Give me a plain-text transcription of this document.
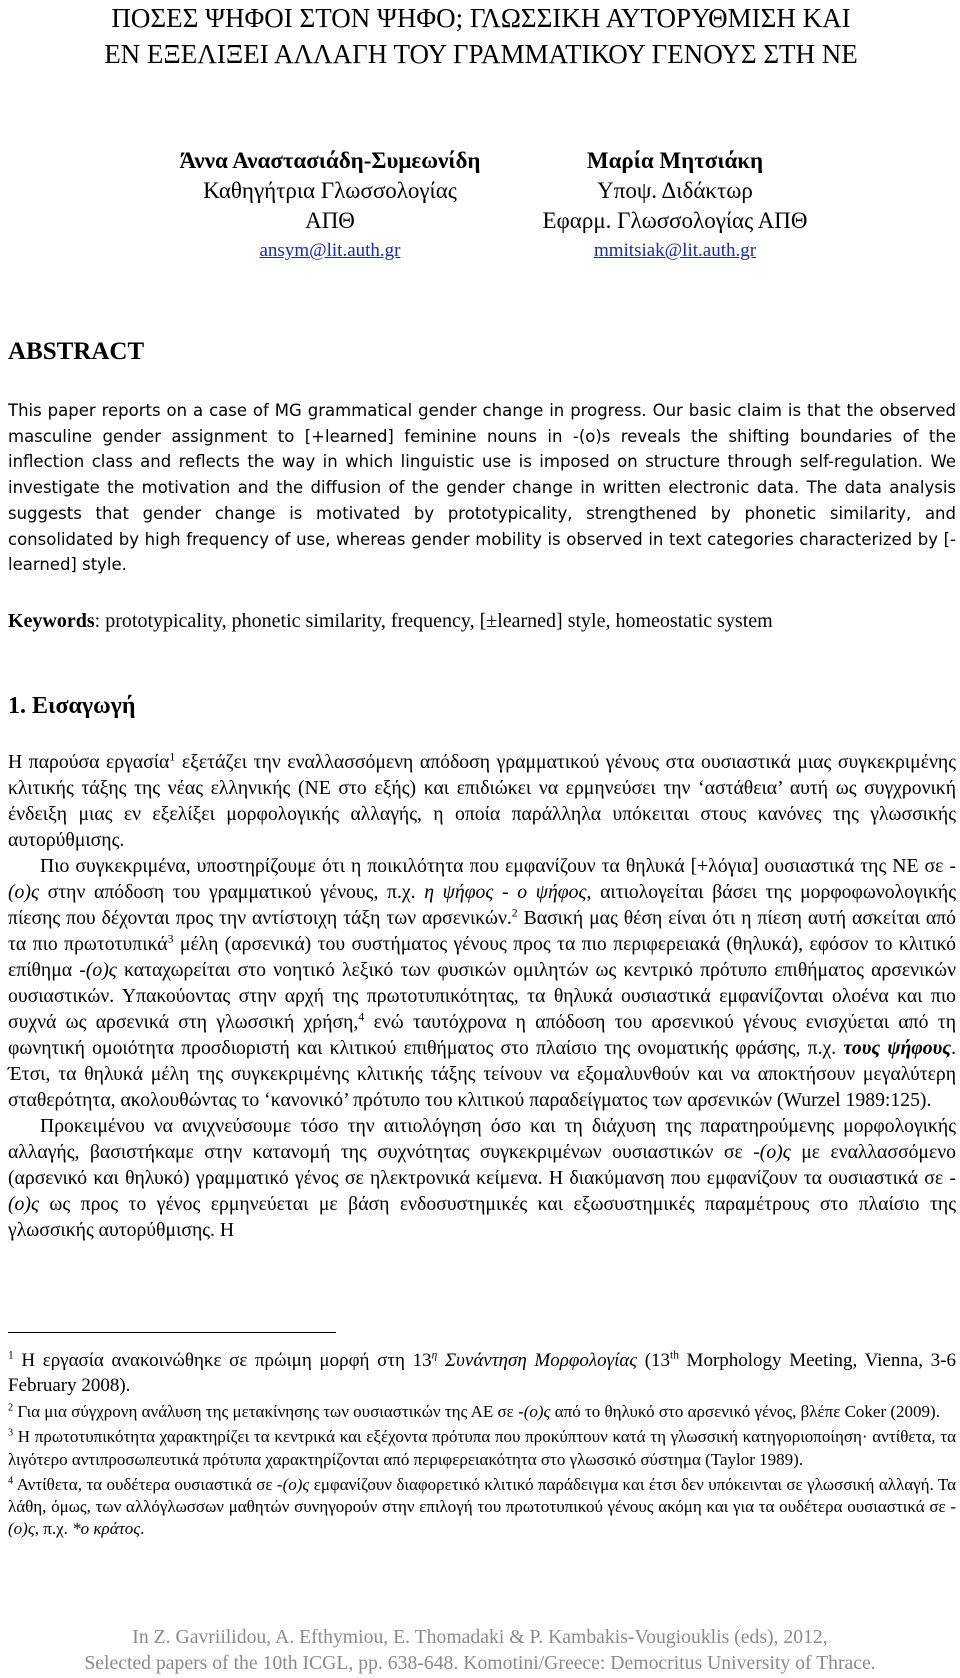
ΠΟΣΕΣ ΨΗΦΟΙ ΣΤΟΝ ΨΗΦΟ; ΓΛΩΣΣΙΚΗ ΑΥΤΟΡΥΘΜΙΣΗ ΚΑΙ
ΕΝ ΕΞΕΛΙΞΕΙ ΑΛΛΑΓΗ ΤΟΥ ΓΡΑΜΜΑΤΙΚΟΥ ΓΕΝΟΥΣ ΣΤΗ ΝΕ
Άννα Αναστασιάδη-Συμεωνίδη
Καθηγήτρια Γλωσσολογίας
ΑΠΘ
ansym@lit.auth.gr
Μαρία Μητσιάκη
Υποψ. Διδάκτωρ
Εφαρμ. Γλωσσολογίας ΑΠΘ
mmitsiak@lit.auth.gr
ABSTRACT
This paper reports on a case of MG grammatical gender change in progress. Our basic claim is that the observed masculine gender assignment to [+learned] feminine nouns in -(o)s reveals the shifting boundaries of the inflection class and reflects the way in which linguistic use is imposed on structure through self-regulation. We investigate the motivation and the diffusion of the gender change in written electronic data. The data analysis suggests that gender change is motivated by prototypicality, strengthened by phonetic similarity, and consolidated by high frequency of use, whereas gender mobility is observed in text categories characterized by [-learned] style.
Keywords: prototypicality, phonetic similarity, frequency, [±learned] style, homeostatic system
1. Εισαγωγή

Η παρούσα εργασία$^1$ εξετάζει την εναλλασσόμενη απόδοση γραμματικού γένους στα ουσιαστικά μιας συγκεκριμένης κλιτικής τάξης της νέας ελληνικής (ΝΕ στο εξής) και επιδιώκει να ερμηνεύσει την ‘αστάθεια’ αυτή ως συγχρονική ένδειξη μιας εν εξελίξει μορφολογικής αλλαγής, η οποία παράλληλα υπόκειται στους κανόνες της γλωσσικής αυτορύθμισης.

Πιο συγκεκριμένα, υποστηρίζουμε ότι η ποικιλότητα που εμφανίζουν τα θηλυκά [+λόγια] ουσιαστικά της ΝΕ σε -(ο)ς στην απόδοση του γραμματικού γένους, π.χ. η ψήφος - ο ψήφος, αιτιολογείται βάσει της μορφοφωνολογικής πίεσης που δέχονται προς την αντίστοιχη τάξη των αρσενικών.$^2$ Βασική μας θέση είναι ότι η πίεση αυτή ασκείται από τα πιο πρωτοτυπικά$^3$ μέλη (αρσενικά) του συστήματος γένους προς τα πιο περιφερειακά (θηλυκά), εφόσον το κλιτικό επίθημα -(ο)ς καταχωρείται στο νοητικό λεξικό των φυσικών ομιλητών ως κεντρικό πρότυπο επιθήματος αρσενικών ουσιαστικών. Υπακούοντας στην αρχή της πρωτοτυπικότητας, τα θηλυκά ουσιαστικά εμφανίζονται ολοένα και πιο συχνά ως αρσενικά στη γλωσσική χρήση,$^4$ ενώ ταυτόχρονα η απόδοση του αρσενικού γένους ενισχύεται από τη φωνητική ομοιότητα προσδιοριστή και κλιτικού επιθήματος στο πλαίσιο της ονοματικής φράσης, π.χ. τους ψήφους. Έτσι, τα θηλυκά μέλη της συγκεκριμένης κλιτικής τάξης τείνουν να εξομαλυνθούν και να αποκτήσουν μεγαλύτερη σταθερότητα, ακολουθώντας το ‘κανονικό’ πρότυπο του κλιτικού παραδείγματος των αρσενικών (Wurzel 1989:125).

Προκειμένου να ανιχνεύσουμε τόσο την αιτιολόγηση όσο και τη διάχυση της παρατηρούμενης μορφολογικής αλλαγής, βασιστήκαμε στην κατανομή της συχνότητας συγκεκριμένων ουσιαστικών σε -(ο)ς με εναλλασσόμενο (αρσενικό και θηλυκό) γραμματικό γένος σε ηλεκτρονικά κείμενα. Η διακύμανση που εμφανίζουν τα ουσιαστικά σε -(ο)ς ως προς το γένος ερμηνεύεται με βάση ενδοσυστημικές και εξωσυστημικές παραμέτρους στο πλαίσιο της γλωσσικής αυτορύθμισης. Η

$^1$ Η εργασία ανακοινώθηκε σε πρώιμη μορφή στη $13^\eta$ Συνάντηση Μορφολογίας (13th Morphology Meeting, Vienna, 3-6 February 2008).
$^2$ Για μια σύγχρονη ανάλυση της μετακίνησης των ουσιαστικών της ΑΕ σε -(ο)ς από το θηλυκό στο αρσενικό γένος, βλέπε Coker (2009).
$^3$ Η πρωτοτυπικότητα χαρακτηρίζει τα κεντρικά και εξέχοντα πρότυπα που προκύπτουν κατά τη γλωσσική κατηγοριοποίηση· αντίθετα, τα λιγότερο αντιπροσωπευτικά πρότυπα χαρακτηρίζονται από περιφερειακότητα στο γλωσσικό σύστημα (Taylor 1989).
$^4$ Αντίθετα, τα ουδέτερα ουσιαστικά σε -(ο)ς εμφανίζουν διαφορετικό κλιτικό παράδειγμα και έτσι δεν υπόκεινται σε γλωσσική αλλαγή. Τα λάθη, όμως, των αλλόγλωσσων μαθητών συνηγορούν στην επιλογή του πρωτοτυπικού γένους ακόμη και για τα ουδέτερα ουσιαστικά σε -(ο)ς, π.χ. *ο κράτος.
In Z. Gavriilidou, A. Efthymiou, E. Thomadaki & P. Kambakis-Vougiouklis (eds), 2012,
Selected papers of the 10th ICGL, pp. 638-648. Komotini/Greece: Democritus University of Thrace.
